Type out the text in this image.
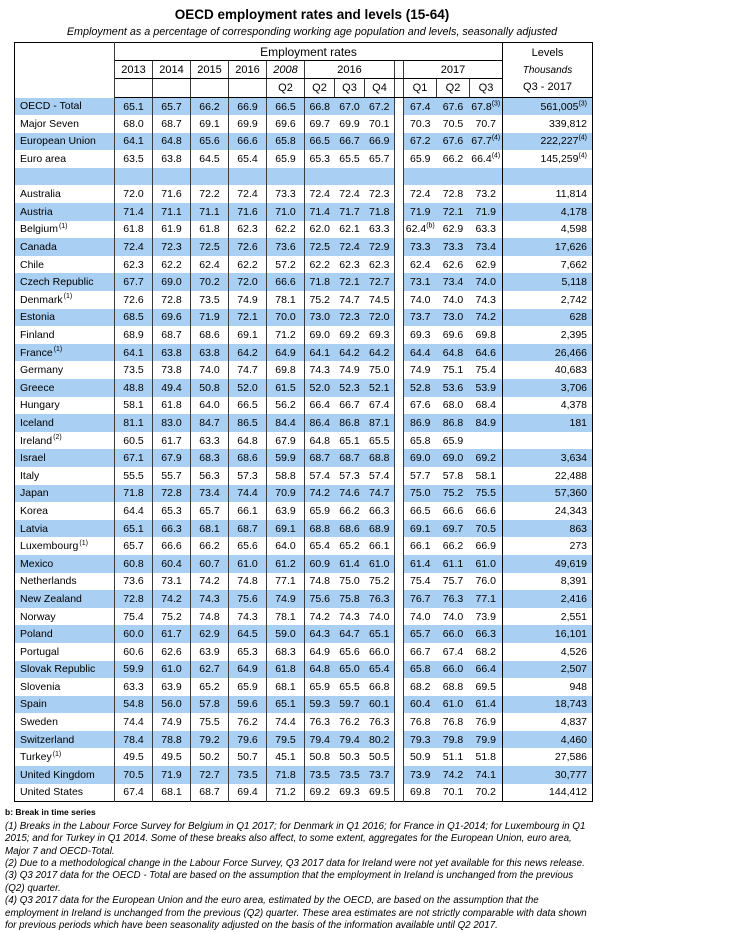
OECD employment rates and levels (15-64)
Employment as a percentage of corresponding working age population and levels, seasonally adjusted
	Employment rates												Levels
Thousands
Q3 - 2017

	2013	2014	2015	2016	2008	2016				2017			
					Q2	Q2	Q3	Q4		Q1	Q2	Q3	
OECD - Total	65.1	65.7	66.2	66.9	66.5	66.8	67.0	67.2		67.4	67.6	67.8$^{(3)}$	561,005$^{(3)}$
Major Seven	68.0	68.7	69.1	69.9	69.6	69.7	69.9	70.1		70.3	70.5	70.7	339,812
European Union	64.1	64.8	65.6	66.6	65.8	66.5	66.7	66.9		67.2	67.6	67.7$^{(4)}$	222,227$^{(4)}$
Euro area	63.5	63.8	64.5	65.4	65.9	65.3	65.5	65.7		65.9	66.2	66.4$^{(4)}$	145,259$^{(4)}$

Australia	72.0	71.6	72.2	72.4	73.3	72.4	72.4	72.3		72.4	72.8	73.2	11,814
Austria	71.4	71.1	71.1	71.6	71.0	71.4	71.7	71.8		71.9	72.1	71.9	4,178
Belgium$^{(1)}$	61.8	61.9	61.8	62.3	62.2	62.0	62.1	63.3		62.4$^{(b)}$	62.9	63.3	4,598
Canada	72.4	72.3	72.5	72.6	73.6	72.5	72.4	72.9		73.3	73.3	73.4	17,626
Chile	62.3	62.2	62.4	62.2	57.2	62.2	62.3	62.3		62.4	62.6	62.9	7,662
Czech Republic	67.7	69.0	70.2	72.0	66.6	71.8	72.1	72.7		73.1	73.4	74.0	5,118
Denmark$^{(1)}$	72.6	72.8	73.5	74.9	78.1	75.2	74.7	74.5		74.0	74.0	74.3	2,742
Estonia	68.5	69.6	71.9	72.1	70.0	73.0	72.3	72.0		73.7	73.0	74.2	628
Finland	68.9	68.7	68.6	69.1	71.2	69.0	69.2	69.3		69.3	69.6	69.8	2,395
France$^{(1)}$	64.1	63.8	63.8	64.2	64.9	64.1	64.2	64.2		64.4	64.8	64.6	26,466
Germany	73.5	73.8	74.0	74.7	69.8	74.3	74.9	75.0		74.9	75.1	75.4	40,683
Greece	48.8	49.4	50.8	52.0	61.5	52.0	52.3	52.1		52.8	53.6	53.9	3,706
Hungary	58.1	61.8	64.0	66.5	56.2	66.4	66.7	67.4		67.6	68.0	68.4	4,378
Iceland	81.1	83.0	84.7	86.5	84.4	86.4	86.8	87.1		86.9	86.8	84.9	181
Ireland$^{(2)}$	60.5	61.7	63.3	64.8	67.9	64.8	65.1	65.5		65.8	65.9		
Israel	67.1	67.9	68.3	68.6	59.9	68.7	68.7	68.8		69.0	69.0	69.2	3,634
Italy	55.5	55.7	56.3	57.3	58.8	57.4	57.3	57.4		57.7	57.8	58.1	22,488
Japan	71.8	72.8	73.4	74.4	70.9	74.2	74.6	74.7		75.0	75.2	75.5	57,360
Korea	64.4	65.3	65.7	66.1	63.9	65.9	66.2	66.3		66.5	66.6	66.6	24,343
Latvia	65.1	66.3	68.1	68.7	69.1	68.8	68.6	68.9		69.1	69.7	70.5	863
Luxembourg$^{(1)}$	65.7	66.6	66.2	65.6	64.0	65.4	65.2	66.1		66.1	66.2	66.9	273
Mexico	60.8	60.4	60.7	61.0	61.2	60.9	61.4	61.0		61.4	61.1	61.0	49,619
Netherlands	73.6	73.1	74.2	74.8	77.1	74.8	75.0	75.2		75.4	75.7	76.0	8,391
New Zealand	72.8	74.2	74.3	75.6	74.9	75.6	75.8	76.3		76.7	76.3	77.1	2,416
Norway	75.4	75.2	74.8	74.3	78.1	74.2	74.3	74.0		74.0	74.0	73.9	2,551
Poland	60.0	61.7	62.9	64.5	59.0	64.3	64.7	65.1		65.7	66.0	66.3	16,101
Portugal	60.6	62.6	63.9	65.3	68.3	64.9	65.6	66.0		66.7	67.4	68.2	4,526
Slovak Republic	59.9	61.0	62.7	64.9	61.8	64.8	65.0	65.4		65.8	66.0	66.4	2,507
Slovenia	63.3	63.9	65.2	65.9	68.1	65.9	65.5	66.8		68.2	68.8	69.5	948
Spain	54.8	56.0	57.8	59.6	65.1	59.3	59.7	60.1		60.4	61.0	61.4	18,743
Sweden	74.4	74.9	75.5	76.2	74.4	76.3	76.2	76.3		76.8	76.8	76.9	4,837
Switzerland	78.4	78.8	79.2	79.6	79.5	79.4	79.4	80.2		79.3	79.8	79.9	4,460
Turkey$^{(1)}$	49.5	49.5	50.2	50.7	45.1	50.8	50.3	50.5		50.9	51.1	51.8	27,586
United Kingdom	70.5	71.9	72.7	73.5	71.8	73.5	73.5	73.7		73.9	74.2	74.1	30,777
United States	67.4	68.1	68.7	69.4	71.2	69.2	69.3	69.5		69.8	70.1	70.2	144,412
b: Break in time series
(1) Breaks in the Labour Force Survey for Belgium in Q1 2017; for Denmark in Q1 2016; for France in Q1-2014; for Luxembourg in Q1 2015; and for Turkey in Q1 2014. Some of these breaks also affect, to some extent, aggregates for the European Union, euro area, Major 7 and OECD-Total.
(2) Due to a methodological change in the Labour Force Survey, Q3 2017 data for Ireland were not yet available for this news release.
(3) Q3 2017 data for the OECD - Total are based on the assumption that the employment in Ireland is unchanged from the previous (Q2) quarter.
(4) Q3 2017 data for the European Union and the euro area, estimated by the OECD, are based on the assumption that the employment in Ireland is unchanged from the previous (Q2) quarter. These area estimates are not strictly comparable with data shown for previous periods which have been seasonality adjusted on the basis of the information available until Q2 2017.
